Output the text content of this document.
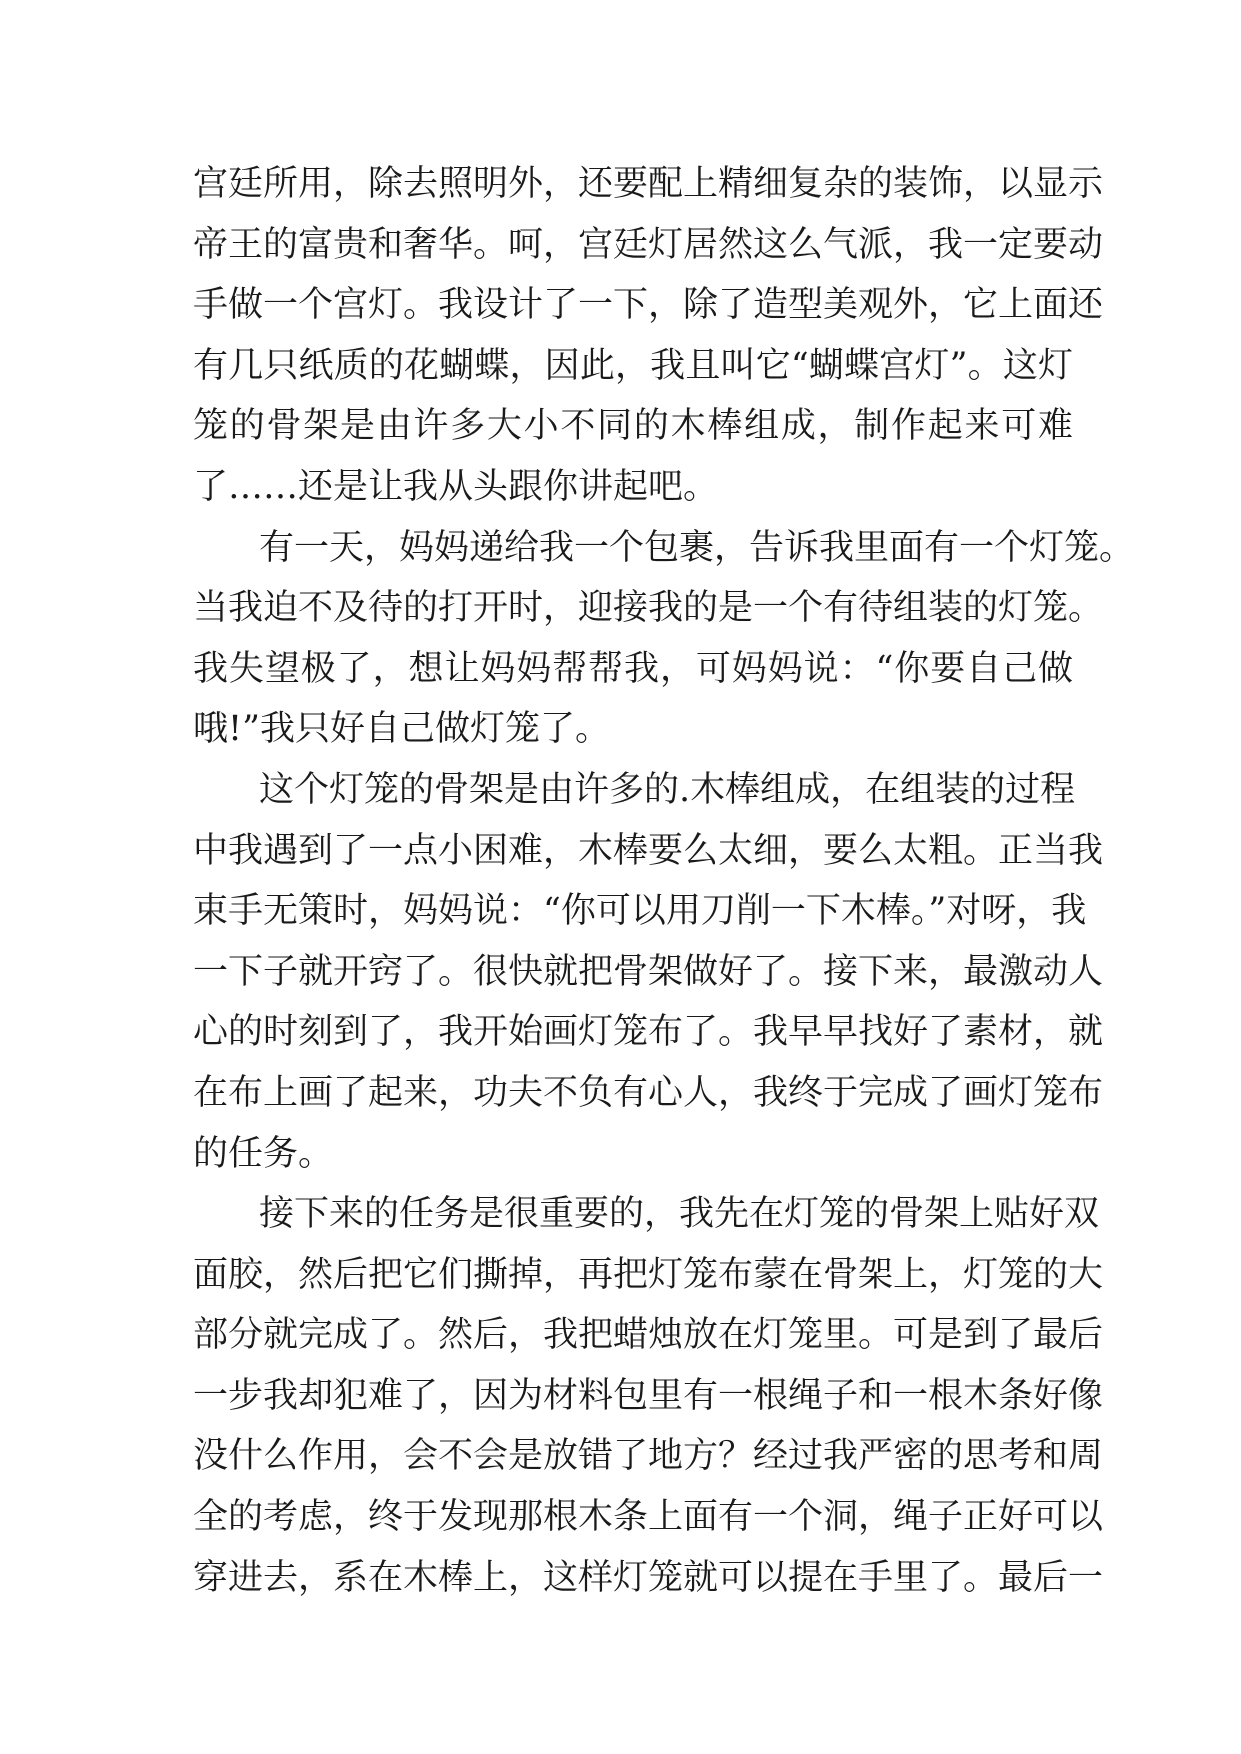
宫廷所用，除去照明外，还要配上精细复杂的装饰，以显示
帝王的富贵和奢华。呵，宫廷灯居然这么气派，我一定要动
手做一个宫灯。我设计了一下，除了造型美观外，它上面还
有几只纸质的花蝴蝶，因此，我且叫它“蝴蝶宫灯”。这灯
笼的骨架是由许多大小不同的木棒组成，制作起来可难
了……还是让我从头跟你讲起吧。
有一天，妈妈递给我一个包裹，告诉我里面有一个灯笼。
当我迫不及待的打开时，迎接我的是一个有待组装的灯笼。
我失望极了，想让妈妈帮帮我，可妈妈说：“你要自己做
哦!”我只好自己做灯笼了。
这个灯笼的骨架是由许多的.木棒组成，在组装的过程
中我遇到了一点小困难，木棒要么太细，要么太粗。正当我
束手无策时，妈妈说：“你可以用刀削一下木棒。”对呀，我
一下子就开窍了。很快就把骨架做好了。接下来，最激动人
心的时刻到了，我开始画灯笼布了。我早早找好了素材，就
在布上画了起来，功夫不负有心人，我终于完成了画灯笼布
的任务。
接下来的任务是很重要的，我先在灯笼的骨架上贴好双
面胶，然后把它们撕掉，再把灯笼布蒙在骨架上，灯笼的大
部分就完成了。然后，我把蜡烛放在灯笼里。可是到了最后
一步我却犯难了，因为材料包里有一根绳子和一根木条好像
没什么作用，会不会是放错了地方？经过我严密的思考和周
全的考虑，终于发现那根木条上面有一个洞，绳子正好可以
穿进去，系在木棒上，这样灯笼就可以提在手里了。最后一
